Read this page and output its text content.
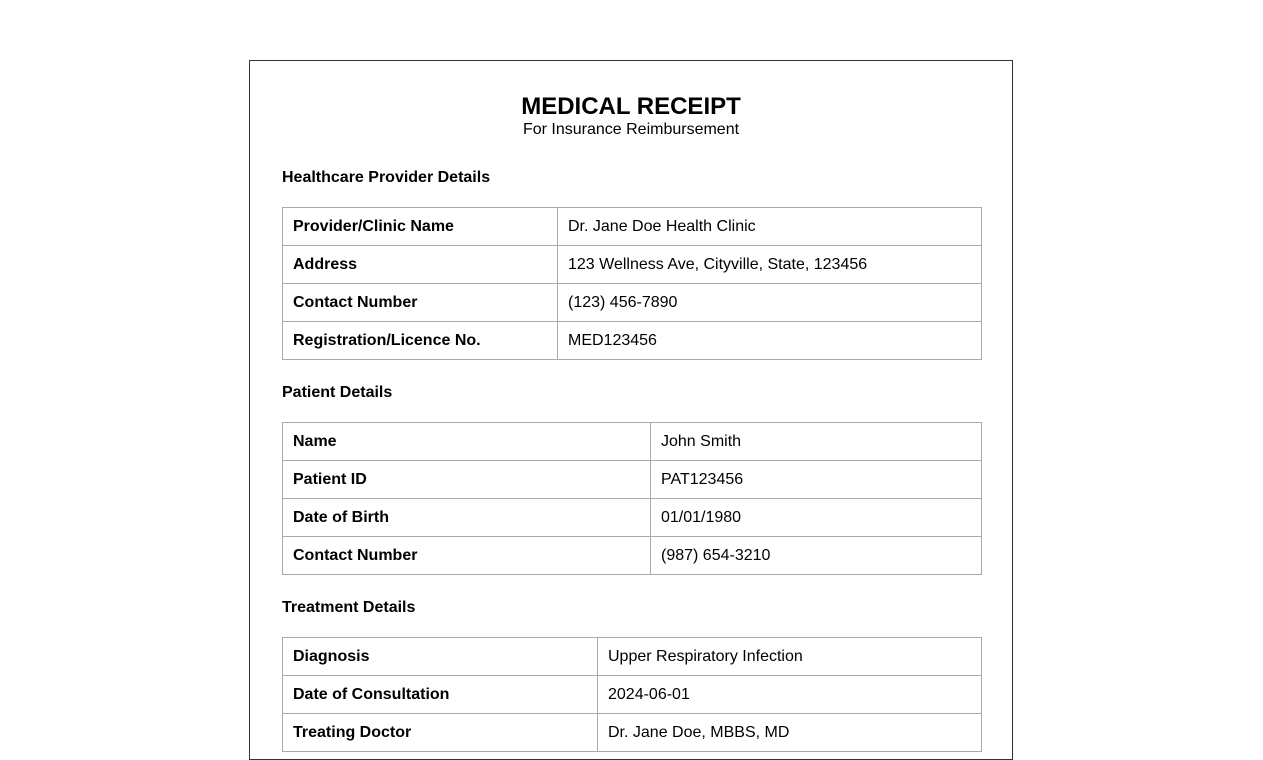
MEDICAL RECEIPT
For Insurance Reimbursement
Healthcare Provider Details
Provider/Clinic Name	Dr. Jane Doe Health Clinic
Address	123 Wellness Ave, Cityville, State, 123456
Contact Number	(123) 456-7890
Registration/Licence No.	MED123456
Patient Details
Name	John Smith
Patient ID	PAT123456
Date of Birth	01/01/1980
Contact Number	(987) 654-3210
Treatment Details
Diagnosis	Upper Respiratory Infection
Date of Consultation	2024-06-01
Treating Doctor	Dr. Jane Doe, MBBS, MD
